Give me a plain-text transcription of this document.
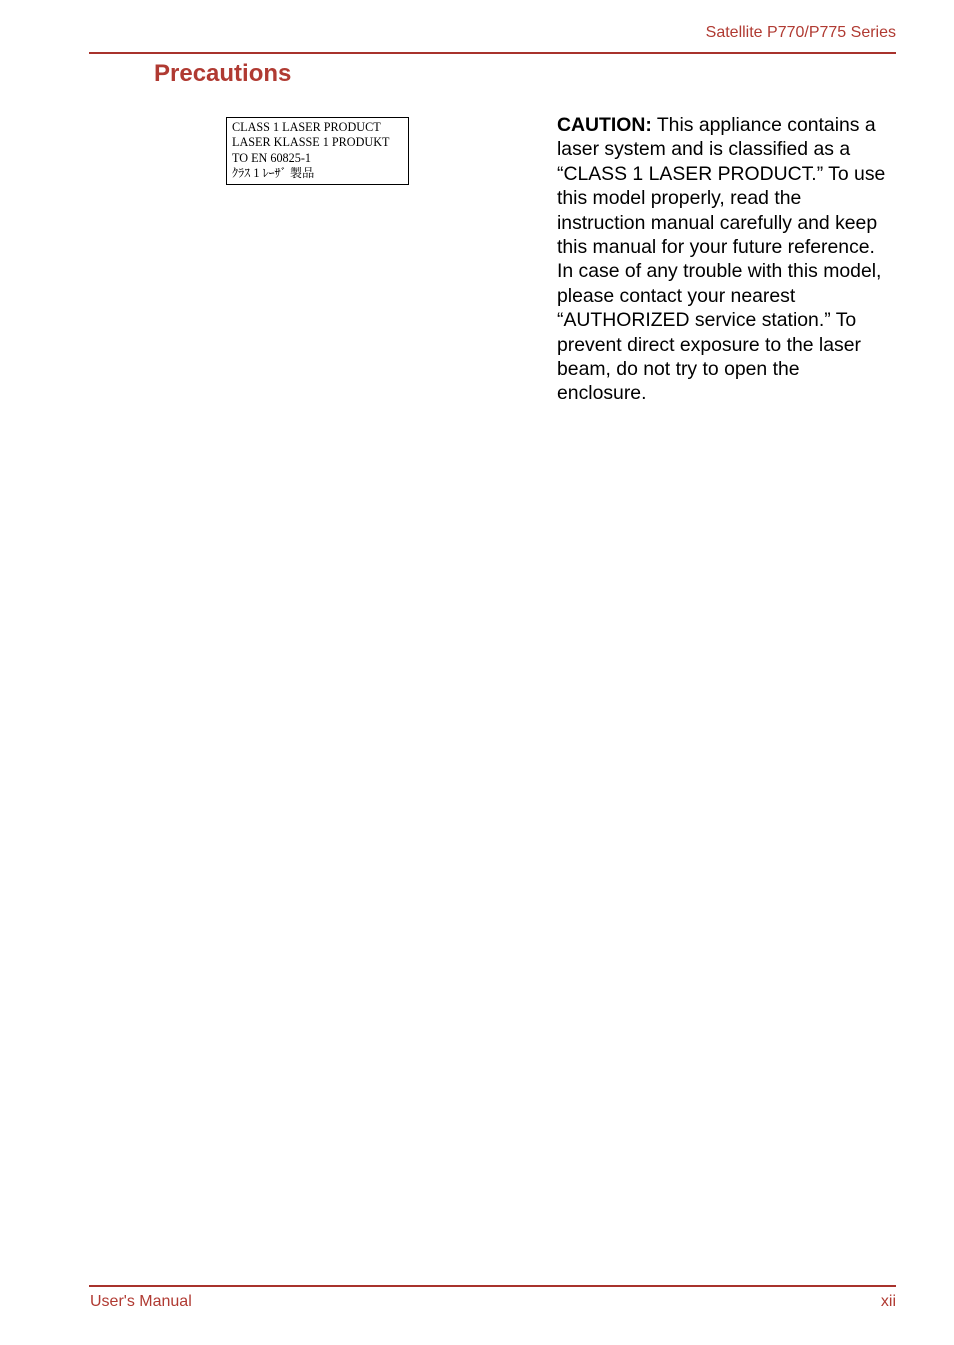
Satellite P770/P775 Series
Precautions
CLASS 1 LASER PRODUCT
LASER KLASSE 1 PRODUKT
TO EN 60825-1
ｸﾗｽ 1 ﾚｰｻﾞ 製品

CAUTION: This appliance contains a laser system and is classified as a “CLASS 1 LASER PRODUCT.” To use this model properly, read the instruction manual carefully and keep this manual for your future reference. In case of any trouble with this model, please contact your nearest “AUTHORIZED service station.” To prevent direct exposure to the laser beam, do not try to open the enclosure.

User's Manual	xii
